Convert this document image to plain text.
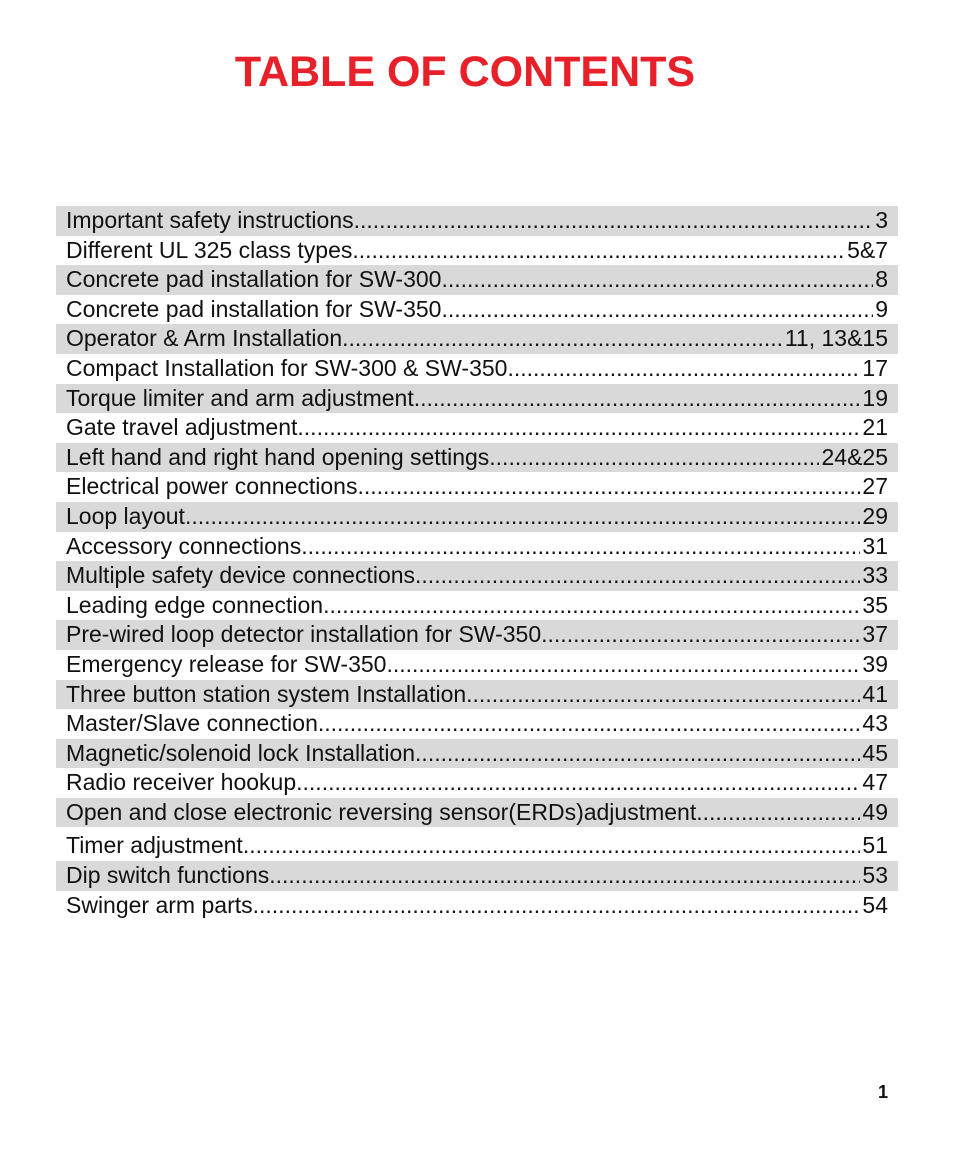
TABLE OF CONTENTS
Important safety instructions .....	3
Different UL 325 class types .....	5&7
Concrete pad installation for SW-300 .....	8
Concrete pad installation for SW-350 .....	9
Operator & Arm Installation .....	11, 13&15
Compact Installation for SW-300 & SW-350 .....	17
Torque limiter and arm adjustment .....	19
Gate travel adjustment .....	21
Left hand and right hand opening settings .....	24&25
Electrical power connections .....	27
Loop layout .....	29
Accessory connections .....	31
Multiple safety device connections .....	33
Leading edge connection .....	35
Pre-wired loop detector installation for SW-350 .....	37
Emergency release for SW-350 .....	39
Three button station system Installation .....	41
Master/Slave connection .....	43
Magnetic/solenoid lock Installation .....	45
Radio receiver hookup .....	47
Open and close electronic reversing sensor(ERDs)adjustment .....	49
Timer adjustment .....	51
Dip switch functions .....	53
Swinger arm parts .....	54
1
